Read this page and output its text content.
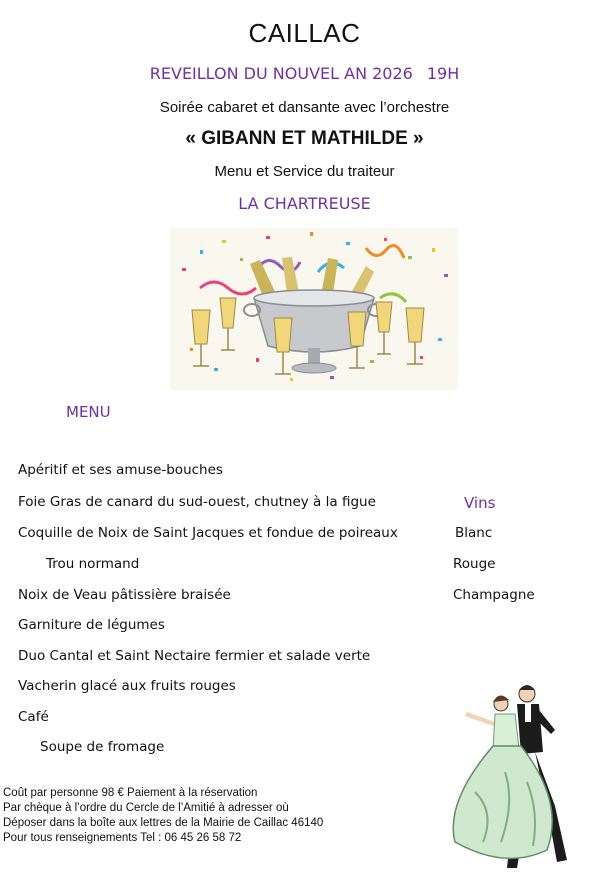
CAILLAC
REVEILLON DU NOUVEL AN 2026 19H
Soirée cabaret et dansante avec l’orchestre
« GIBANN ET MATHILDE »
Menu et Service du traiteur
LA CHARTREUSE
MENU
Apéritif et ses amuse-bouches
Foie Gras de canard du sud-ouest, chutney à la figue
Coquille de Noix de Saint Jacques et fondue de poireaux
Trou normand
Noix de Veau pâtissière braisée
Garniture de légumes
Duo Cantal et Saint Nectaire fermier et salade verte
Vacherin glacé aux fruits rouges
Café
Soupe de fromage
Vins
Blanc
Rouge
Champagne
Coût par personne 98 € Paiement à la réservation
Par chèque à l’ordre du Cercle de l’Amitié à adresser où
Déposer dans la boîte aux lettres de la Mairie de Caillac 46140
Pour tous renseignements Tel : 06 45 26 58 72
